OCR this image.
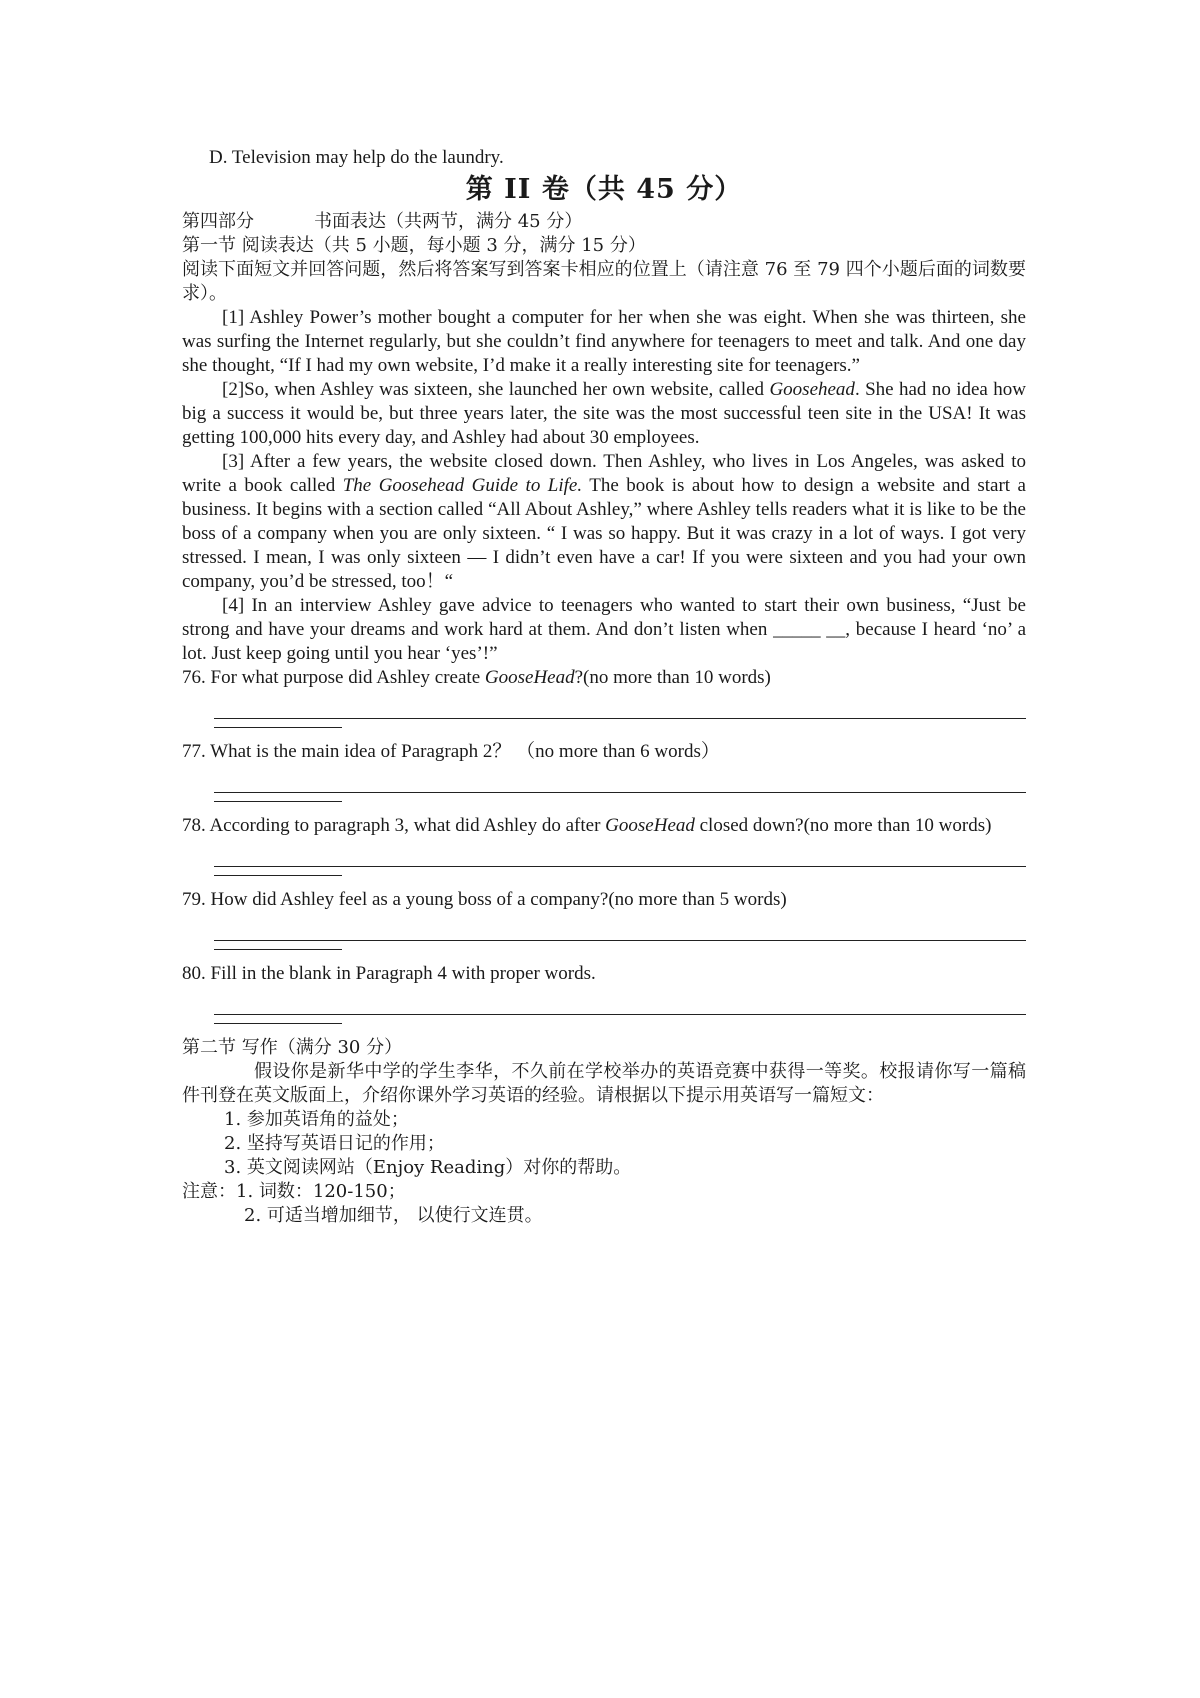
D. Television may help do the laundry.
第 II 卷（共 45 分）
第四部分	书面表达（共两节，满分 45 分）
第一节 阅读表达（共 5 小题，每小题 3 分，满分 15 分）
阅读下面短文并回答问题，然后将答案写到答案卡相应的位置上（请注意 76 至 79 四个小题后面的词数要求）。
[1] Ashley Power’s mother bought a computer for her when she was eight. When she was thirteen, she was surfing the Internet regularly, but she couldn’t find anywhere for teenagers to meet and talk. And one day she thought, “If I had my own website, I’d make it a really interesting site for teenagers.”
[2]So, when Ashley was sixteen, she launched her own website, called Goosehead. She had no idea how big a success it would be, but three years later, the site was the most successful teen site in the USA! It was getting 100,000 hits every day, and Ashley had about 30 employees.
[3] After a few years, the website closed down. Then Ashley, who lives in Los Angeles, was asked to write a book called The Goosehead Guide to Life. The book is about how to design a website and start a business. It begins with a section called “All About Ashley,” where Ashley tells readers what it is like to be the boss of a company when you are only sixteen. “ I was so happy. But it was crazy in a lot of ways. I got very stressed. I mean, I was only sixteen — I didn’t even have a car! If you were sixteen and you had your own company, you’d be stressed, too！“
[4] In an interview Ashley gave advice to teenagers who wanted to start their own business, “Just be strong and have your dreams and work hard at them. And don’t listen when _____ __, because I heard ‘no’ a lot. Just keep going until you hear ‘yes’!”
76. For what purpose did Ashley create GooseHead?(no more than 10 words)
77. What is the main idea of Paragraph 2？ （no more than 6 words）
78. According to paragraph 3, what did Ashley do after GooseHead closed down?(no more than 10 words)
79. How did Ashley feel as a young boss of a company?(no more than 5 words)
80. Fill in the blank in Paragraph 4 with proper words.
第二节 写作（满分 30 分）
假设你是新华中学的学生李华，不久前在学校举办的英语竞赛中获得一等奖。校报请你写一篇稿件刊登在英文版面上，介绍你课外学习英语的经验。请根据以下提示用英语写一篇短文：
1. 参加英语角的益处；
2. 坚持写英语日记的作用；
3. 英文阅读网站（Enjoy Reading）对你的帮助。
注意：1. 词数：120-150；
2. 可适当增加细节， 以使行文连贯。
